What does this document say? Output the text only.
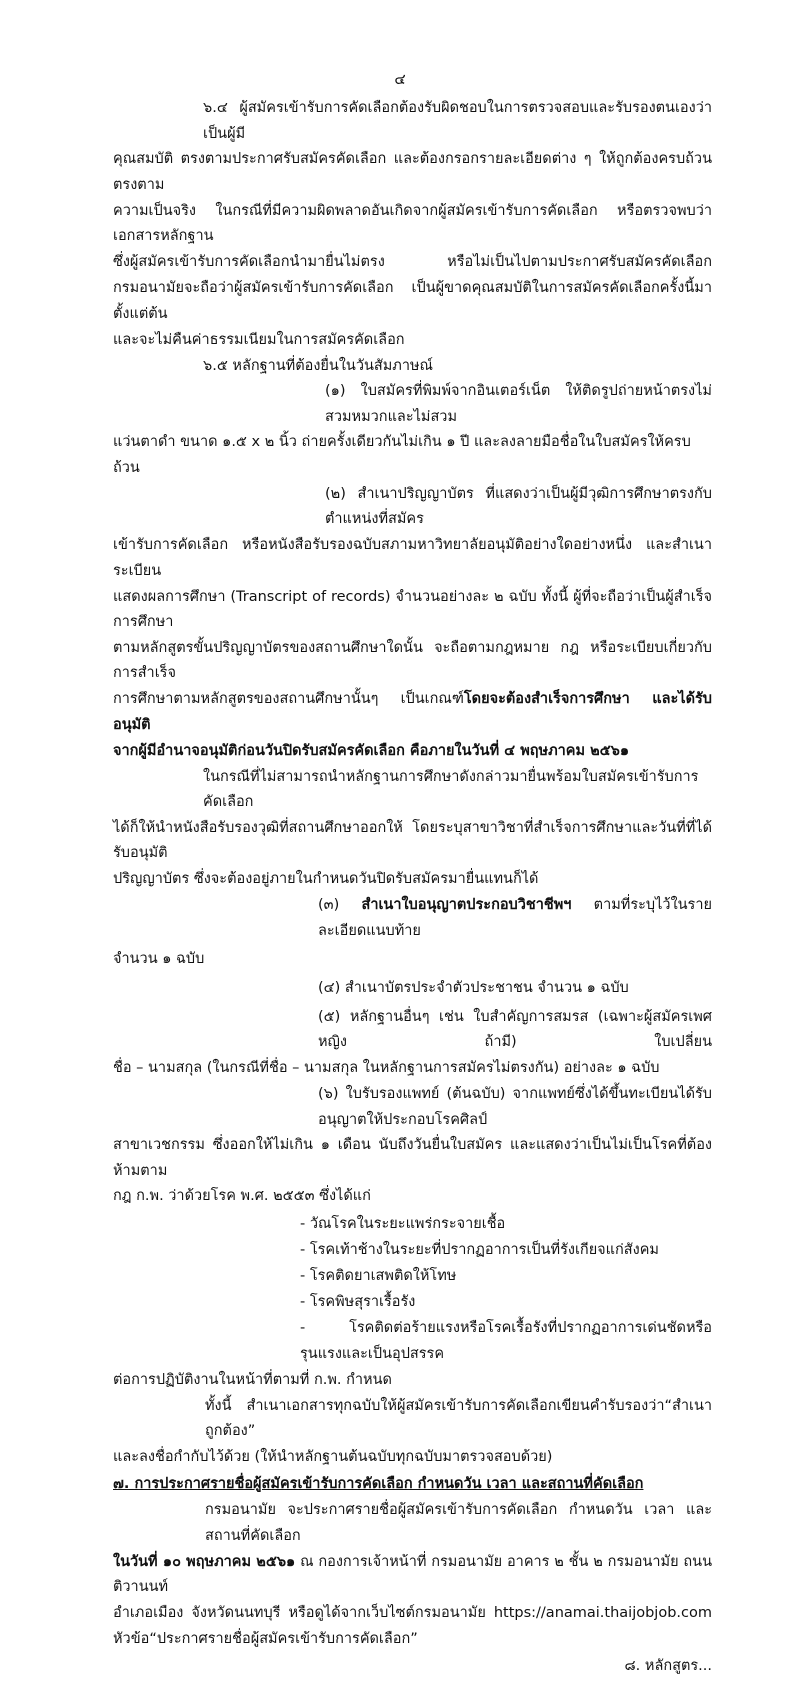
๔
๖.๔ ผู้สมัครเข้ารับการคัดเลือกต้องรับผิดชอบในการตรวจสอบและรับรองตนเองว่าเป็นผู้มี
คุณสมบัติ ตรงตามประกาศรับสมัครคัดเลือก และต้องกรอกรายละเอียดต่าง ๆ ให้ถูกต้องครบถ้วนตรงตาม
ความเป็นจริง ในกรณีที่มีความผิดพลาดอันเกิดจากผู้สมัครเข้ารับการคัดเลือก หรือตรวจพบว่าเอกสารหลักฐาน
ซึ่งผู้สมัครเข้ารับการคัดเลือกนำมายื่นไม่ตรง หรือไม่เป็นไปตามประกาศรับสมัครคัดเลือก
กรมอนามัยจะถือว่าผู้สมัครเข้ารับการคัดเลือก เป็นผู้ขาดคุณสมบัติในการสมัครคัดเลือกครั้งนี้มาตั้งแต่ต้น
และจะไม่คืนค่าธรรมเนียมในการสมัครคัดเลือก
๖.๕ หลักฐานที่ต้องยื่นในวันสัมภาษณ์
(๑) ใบสมัครที่พิมพ์จากอินเตอร์เน็ต ให้ติดรูปถ่ายหน้าตรงไม่สวมหมวกและไม่สวม
แว่นตาดำ ขนาด ๑.๕ x ๒ นิ้ว ถ่ายครั้งเดียวกันไม่เกิน ๑ ปี และลงลายมือชื่อในใบสมัครให้ครบถ้วน
(๒) สำเนาปริญญาบัตร ที่แสดงว่าเป็นผู้มีวุฒิการศึกษาตรงกับตำแหน่งที่สมัคร
เข้ารับการคัดเลือก หรือหนังสือรับรองฉบับสภามหาวิทยาลัยอนุมัติอย่างใดอย่างหนึ่ง และสำเนาระเบียน
แสดงผลการศึกษา (Transcript of records) จำนวนอย่างละ ๒ ฉบับ ทั้งนี้ ผู้ที่จะถือว่าเป็นผู้สำเร็จการศึกษา
ตามหลักสูตรขั้นปริญญาบัตรของสถานศึกษาใดนั้น จะถือตามกฎหมาย กฎ หรือระเบียบเกี่ยวกับการสำเร็จ
การศึกษาตามหลักสูตรของสถานศึกษานั้นๆ เป็นเกณฑ์โดยจะต้องสำเร็จการศึกษา และได้รับอนุมัติ
จากผู้มีอำนาจอนุมัติก่อนวันปิดรับสมัครคัดเลือก คือภายในวันที่ ๔ พฤษภาคม ๒๕๖๑
ในกรณีที่ไม่สามารถนำหลักฐานการศึกษาดังกล่าวมายื่นพร้อมใบสมัครเข้ารับการคัดเลือก
ได้ก็ให้นำหนังสือรับรองวุฒิที่สถานศึกษาออกให้ โดยระบุสาขาวิชาที่สำเร็จการศึกษาและวันที่ที่ได้รับอนุมัติ
ปริญญาบัตร ซึ่งจะต้องอยู่ภายในกำหนดวันปิดรับสมัครมายื่นแทนก็ได้
(๓) สำเนาใบอนุญาตประกอบวิชาชีพฯ ตามที่ระบุไว้ในรายละเอียดแนบท้าย
จำนวน ๑ ฉบับ
(๔) สำเนาบัตรประจำตัวประชาชน จำนวน ๑ ฉบับ
(๕) หลักฐานอื่นๆ เช่น ใบสำคัญการสมรส (เฉพาะผู้สมัครเพศหญิง ถ้ามี) ใบเปลี่ยน
ชื่อ – นามสกุล (ในกรณีที่ชื่อ – นามสกุล ในหลักฐานการสมัครไม่ตรงกัน) อย่างละ ๑ ฉบับ
(๖) ใบรับรองแพทย์ (ต้นฉบับ) จากแพทย์ซึ่งได้ขึ้นทะเบียนได้รับอนุญาตให้ประกอบโรคศิลป์
สาขาเวชกรรม ซึ่งออกให้ไม่เกิน ๑ เดือน นับถึงวันยื่นใบสมัคร และแสดงว่าเป็นไม่เป็นโรคที่ต้องห้ามตาม
กฎ ก.พ. ว่าด้วยโรค พ.ศ. ๒๕๕๓ ซึ่งได้แก่
- วัณโรคในระยะแพร่กระจายเชื้อ
- โรคเท้าช้างในระยะที่ปรากฏอาการเป็นที่รังเกียจแก่สังคม
- โรคติดยาเสพติดให้โทษ
- โรคพิษสุราเรื้อรัง
- โรคติดต่อร้ายแรงหรือโรคเรื้อรังที่ปรากฏอาการเด่นชัดหรือรุนแรงและเป็นอุปสรรค
ต่อการปฏิบัติงานในหน้าที่ตามที่ ก.พ. กำหนด
ทั้งนี้ สำเนาเอกสารทุกฉบับให้ผู้สมัครเข้ารับการคัดเลือกเขียนคำรับรองว่า“สำเนาถูกต้อง”
และลงชื่อกำกับไว้ด้วย (ให้นำหลักฐานต้นฉบับทุกฉบับมาตรวจสอบด้วย)
๗. การประกาศรายชื่อผู้สมัครเข้ารับการคัดเลือก กำหนดวัน เวลา และสถานที่คัดเลือก
กรมอนามัย จะประกาศรายชื่อผู้สมัครเข้ารับการคัดเลือก กำหนดวัน เวลา และสถานที่คัดเลือก
ในวันที่ ๑๐ พฤษภาคม ๒๕๖๑ ณ กองการเจ้าหน้าที่ กรมอนามัย อาคาร ๒ ชั้น ๒ กรมอนามัย ถนนติวานนท์
อำเภอเมือง จังหวัดนนทบุรี หรือดูได้จากเว็บไซต์กรมอนามัย https://anamai.thaijobjob.com
หัวข้อ“ประกาศรายชื่อผู้สมัครเข้ารับการคัดเลือก”
๘. หลักสูตร...
